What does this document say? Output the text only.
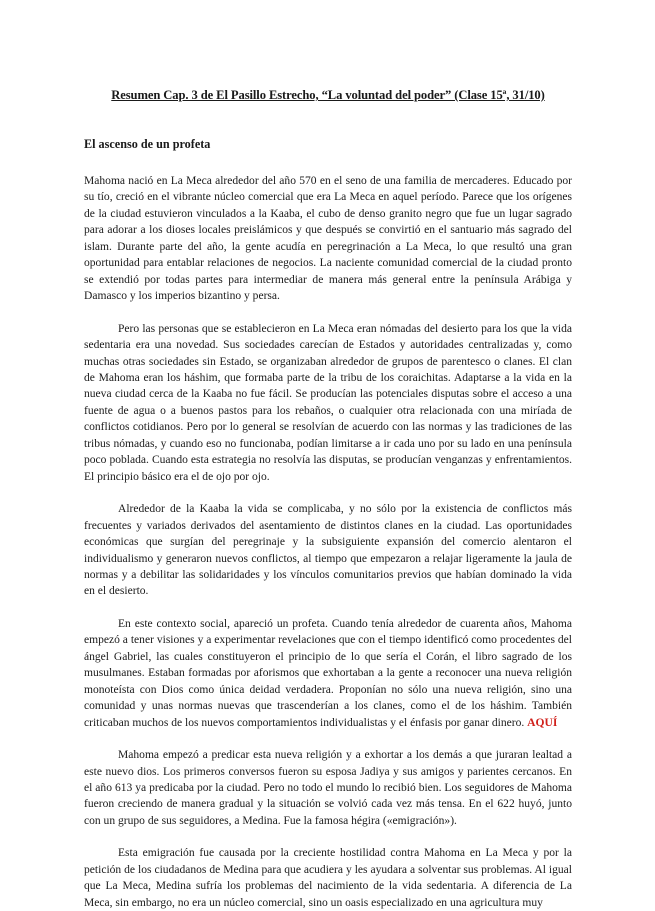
Resumen Cap. 3 de El Pasillo Estrecho, “La voluntad del poder” (Clase 15ª, 31/10)
El ascenso de un profeta

Mahoma nació en La Meca alrededor del año 570 en el seno de una familia de mercaderes. Educado por su tío, creció en el vibrante núcleo comercial que era La Meca en aquel período. Parece que los orígenes de la ciudad estuvieron vinculados a la Kaaba, el cubo de denso granito negro que fue un lugar sagrado para adorar a los dioses locales preislámicos y que después se convirtió en el santuario más sagrado del islam. Durante parte del año, la gente acudía en peregrinación a La Meca, lo que resultó una gran oportunidad para entablar relaciones de negocios. La naciente comunidad comercial de la ciudad pronto se extendió por todas partes para intermediar de manera más general entre la península Arábiga y Damasco y los imperios bizantino y persa.

Pero las personas que se establecieron en La Meca eran nómadas del desierto para los que la vida sedentaria era una novedad. Sus sociedades carecían de Estados y autoridades centralizadas y, como muchas otras sociedades sin Estado, se organizaban alrededor de grupos de parentesco o clanes. El clan de Mahoma eran los háshim, que formaba parte de la tribu de los coraichitas. Adaptarse a la vida en la nueva ciudad cerca de la Kaaba no fue fácil. Se producían las potenciales disputas sobre el acceso a una fuente de agua o a buenos pastos para los rebaños, o cualquier otra relacionada con una miríada de conflictos cotidianos. Pero por lo general se resolvían de acuerdo con las normas y las tradiciones de las tribus nómadas, y cuando eso no funcionaba, podían limitarse a ir cada uno por su lado en una península poco poblada. Cuando esta estrategia no resolvía las disputas, se producían venganzas y enfrentamientos. El principio básico era el de ojo por ojo.

Alrededor de la Kaaba la vida se complicaba, y no sólo por la existencia de conflictos más frecuentes y variados derivados del asentamiento de distintos clanes en la ciudad. Las oportunidades económicas que surgían del peregrinaje y la subsiguiente expansión del comercio alentaron el individualismo y generaron nuevos conflictos, al tiempo que empezaron a relajar ligeramente la jaula de normas y a debilitar las solidaridades y los vínculos comunitarios previos que habían dominado la vida en el desierto.

En este contexto social, apareció un profeta. Cuando tenía alrededor de cuarenta años, Mahoma empezó a tener visiones y a experimentar revelaciones que con el tiempo identificó como procedentes del ángel Gabriel, las cuales constituyeron el principio de lo que sería el Corán, el libro sagrado de los musulmanes. Estaban formadas por aforismos que exhortaban a la gente a reconocer una nueva religión monoteísta con Dios como única deidad verdadera. Proponían no sólo una nueva religión, sino una comunidad y unas normas nuevas que trascenderían a los clanes, como el de los háshim. También criticaban muchos de los nuevos comportamientos individualistas y el énfasis por ganar dinero. AQUÍ

Mahoma empezó a predicar esta nueva religión y a exhortar a los demás a que juraran lealtad a este nuevo dios. Los primeros conversos fueron su esposa Jadiya y sus amigos y parientes cercanos. En el año 613 ya predicaba por la ciudad. Pero no todo el mundo lo recibió bien. Los seguidores de Mahoma fueron creciendo de manera gradual y la situación se volvió cada vez más tensa. En el 622 huyó, junto con un grupo de sus seguidores, a Medina. Fue la famosa hégira («emigración»).

Esta emigración fue causada por la creciente hostilidad contra Mahoma en La Meca y por la petición de los ciudadanos de Medina para que acudiera y les ayudara a solventar sus problemas. Al igual que La Meca, Medina sufría los problemas del nacimiento de la vida sedentaria. A diferencia de La Meca, sin embargo, no era un núcleo comercial, sino un oasis especializado en una agricultura muy
